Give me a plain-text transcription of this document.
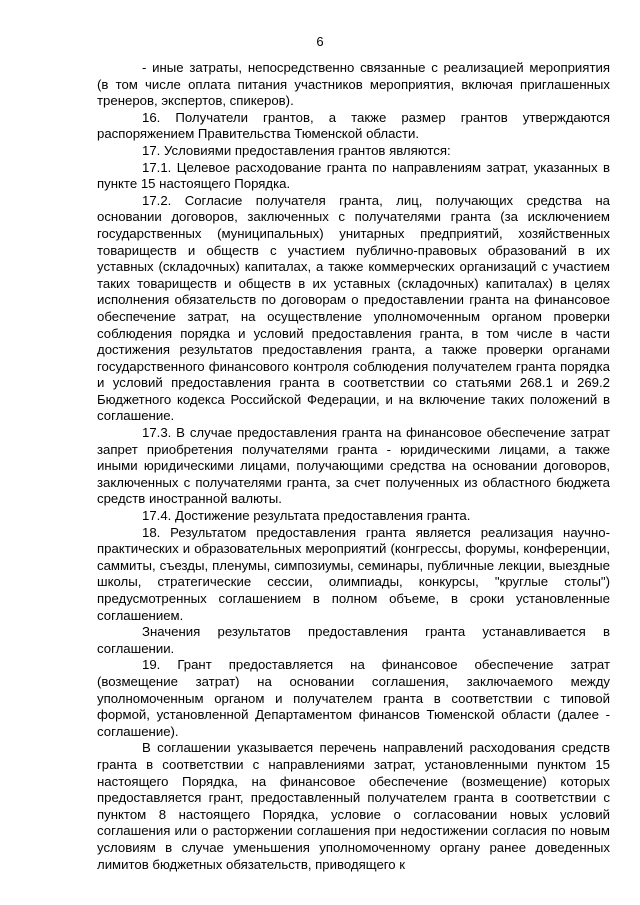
6

- иные затраты, непосредственно связанные с реализацией мероприятия (в том числе оплата питания участников мероприятия, включая приглашенных тренеров, экспертов, спикеров).

16. Получатели грантов, а также размер грантов утверждаются распоряжением Правительства Тюменской области.

17. Условиями предоставления грантов являются:

17.1. Целевое расходование гранта по направлениям затрат, указанных в пункте 15 настоящего Порядка.

17.2. Согласие получателя гранта, лиц, получающих средства на основании договоров, заключенных с получателями гранта (за исключением государственных (муниципальных) унитарных предприятий, хозяйственных товариществ и обществ с участием публично-правовых образований в их уставных (складочных) капиталах, а также коммерческих организаций с участием таких товариществ и обществ в их уставных (складочных) капиталах) в целях исполнения обязательств по договорам о предоставлении гранта на финансовое обеспечение затрат, на осуществление уполномоченным органом проверки соблюдения порядка и условий предоставления гранта, в том числе в части достижения результатов предоставления гранта, а также проверки органами государственного финансового контроля соблюдения получателем гранта порядка и условий предоставления гранта в соответствии со статьями 268.1 и 269.2 Бюджетного кодекса Российской Федерации, и на включение таких положений в соглашение.

17.3. В случае предоставления гранта на финансовое обеспечение затрат запрет приобретения получателями гранта - юридическими лицами, а также иными юридическими лицами, получающими средства на основании договоров, заключенных с получателями гранта, за счет полученных из областного бюджета средств иностранной валюты.

17.4. Достижение результата предоставления гранта.

18. Результатом предоставления гранта является реализация научно-практических и образовательных мероприятий (конгрессы, форумы, конференции, саммиты, съезды, пленумы, симпозиумы, семинары, публичные лекции, выездные школы, стратегические сессии, олимпиады, конкурсы, "круглые столы") предусмотренных соглашением в полном объеме, в сроки установленные соглашением.

Значения результатов предоставления гранта устанавливается в соглашении.

19. Грант предоставляется на финансовое обеспечение затрат (возмещение затрат) на основании соглашения, заключаемого между уполномоченным органом и получателем гранта в соответствии с типовой формой, установленной Департаментом финансов Тюменской области (далее - соглашение).

В соглашении указывается перечень направлений расходования средств гранта в соответствии с направлениями затрат, установленными пунктом 15 настоящего Порядка, на финансовое обеспечение (возмещение) которых предоставляется грант, предоставленный получателем гранта в соответствии с пунктом 8 настоящего Порядка, условие о согласовании новых условий соглашения или о расторжении соглашения при недостижении согласия по новым условиям в случае уменьшения уполномоченному органу ранее доведенных лимитов бюджетных обязательств, приводящего к
